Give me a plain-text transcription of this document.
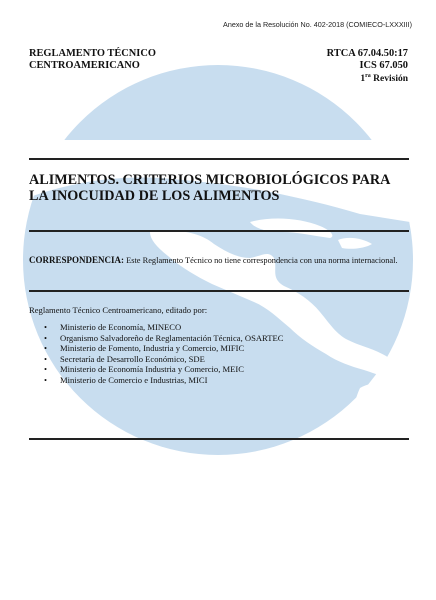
Anexo de la Resolución No. 402-2018 (COMIECO-LXXXIII)
REGLAMENTO TÉCNICO
CENTROAMERICANO
RTCA 67.04.50:17
ICS 67.050
$1^{ra}$ Revisión
ALIMENTOS. CRITERIOS MICROBIOLÓGICOS PARA LA INOCUIDAD DE LOS ALIMENTOS
CORRESPONDENCIA: Este Reglamento Técnico no tiene correspondencia con una norma internacional.
Reglamento Técnico Centroamericano, editado por:
• Ministerio de Economía, MINECO
• Organismo Salvadoreño de Reglamentación Técnica, OSARTEC
• Ministerio de Fomento, Industria y Comercio, MIFIC
• Secretaría de Desarrollo Económico, SDE
• Ministerio de Economía Industria y Comercio, MEIC
• Ministerio de Comercio e Industrias, MICI
